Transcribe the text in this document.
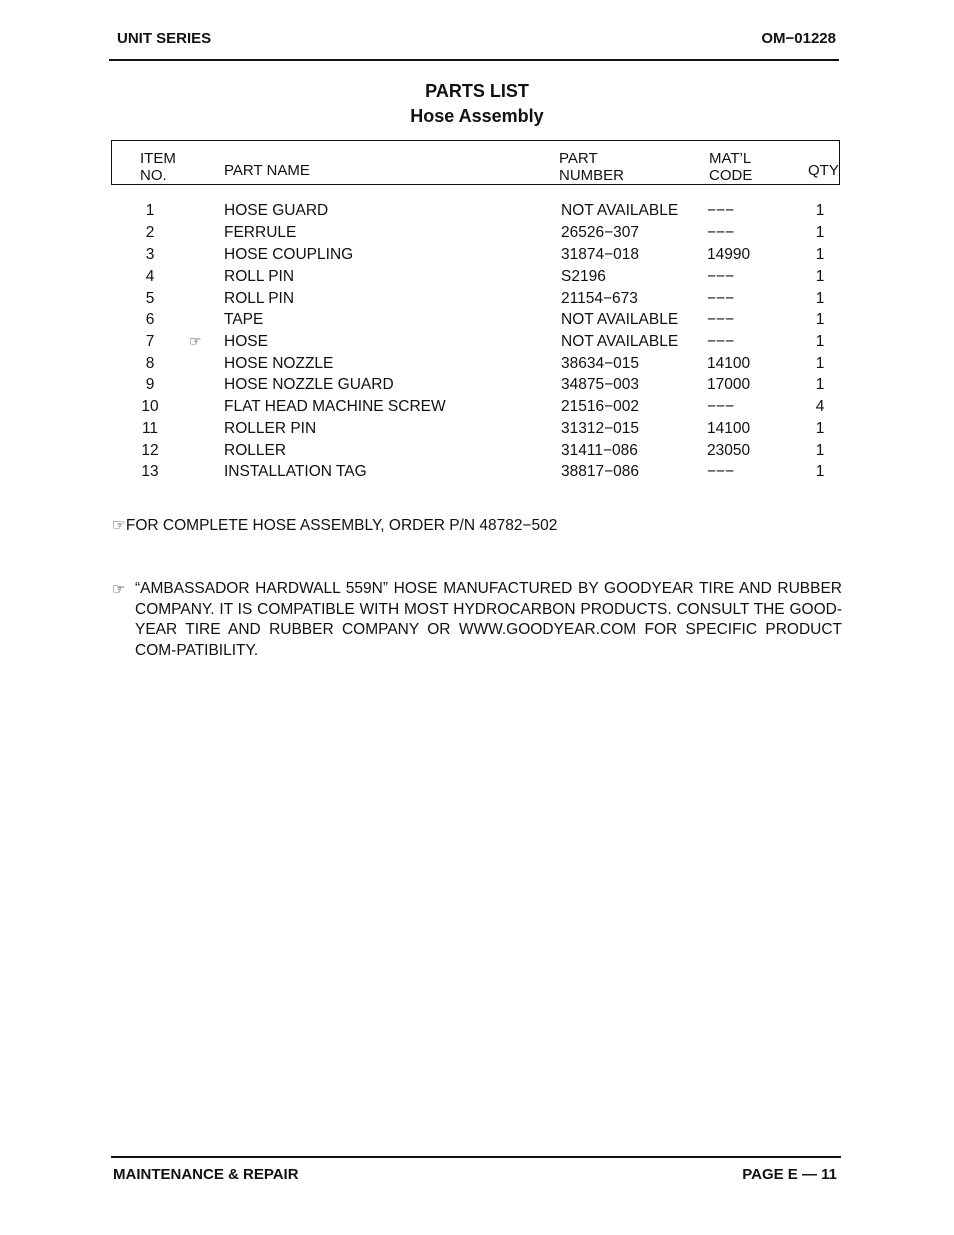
UNIT SERIES	OM−01228
PARTS LIST
Hose Assembly
ITEM
NO.	PART NAME
PART
NUMBER
MAT’L
CODE	QTY
1	HOSE GUARD	NOT AVAILABLE −−−	1
2	FERRULE	26526−307	−−−	1
3	HOSE COUPLING	31874−018	14990	1
4	ROLL PIN	S2196	−−−	1
5	ROLL PIN	21154−673	−−−	1
6	TAPE	NOT AVAILABLE −−−	1
7	☞ HOSE	NOT AVAILABLE −−−	1
8	HOSE NOZZLE	38634−015	14100	1
9	HOSE NOZZLE GUARD	34875−003	17000	1
10	FLAT HEAD MACHINE SCREW	21516−002	−−−	4
11	ROLLER PIN	31312−015	14100	1
12	ROLLER	31411−086	23050	1
13	INSTALLATION TAG	38817−086	−−−	1
☞FOR COMPLETE HOSE ASSEMBLY, ORDER P/N 48782−502
☞ “AMBASSADOR HARDWALL 559N” HOSE MANUFACTURED BY GOODYEAR TIRE AND RUBBER COMPANY. IT IS COMPATIBLE WITH MOST HYDROCARBON PRODUCTS. CONSULT THE GOOD-YEAR TIRE AND RUBBER COMPANY OR WWW.GOODYEAR.COM FOR SPECIFIC PRODUCT COM-PATIBILITY.
MAINTENANCE & REPAIR	PAGE E — 11
